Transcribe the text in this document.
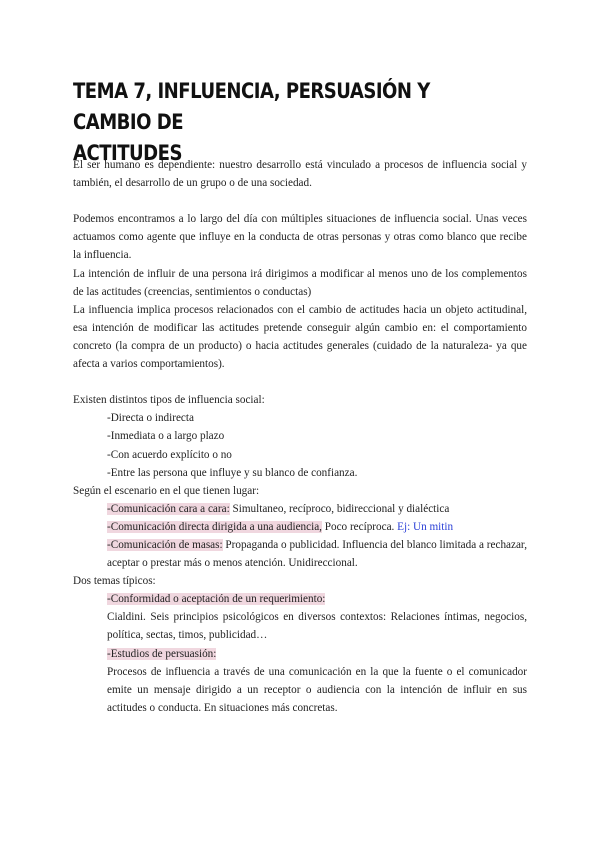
TEMA 7, INFLUENCIA, PERSUASIÓN Y CAMBIO DE
ACTITUDES

El ser humano es dependiente: nuestro desarrollo está vinculado a procesos de influencia social y también, el desarrollo de un grupo o de una sociedad.

Podemos encontramos a lo largo del día con múltiples situaciones de influencia social. Unas veces actuamos como agente que influye en la conducta de otras personas y otras como blanco que recibe la influencia.

La intención de influir de una persona irá dirigimos a modificar al menos uno de los complementos de las actitudes (creencias, sentimientos o conductas)

La influencia implica procesos relacionados con el cambio de actitudes hacia un objeto actitudinal, esa intención de modificar las actitudes pretende conseguir algún cambio en: el comportamiento concreto (la compra de un producto) o hacia actitudes generales (cuidado de la naturaleza- ya que afecta a varios comportamientos).

Existen distintos tipos de influencia social:

-Directa o indirecta

-Inmediata o a largo plazo

-Con acuerdo explícito o no

-Entre las persona que influye y su blanco de confianza.

Según el escenario en el que tienen lugar:

-Comunicación cara a cara: Simultaneo, recíproco, bidireccional y dialéctica

-Comunicación directa dirigida a una audiencia, Poco recíproca. Ej: Un mitin

-Comunicación de masas: Propaganda o publicidad. Influencia del blanco limitada a rechazar, aceptar o prestar más o menos atención. Unidireccional.

Dos temas típicos:

-Conformidad o aceptación de un requerimiento:

Cialdini. Seis principios psicológicos en diversos contextos: Relaciones íntimas, negocios, política, sectas, timos, publicidad…

-Estudios de persuasión:

Procesos de influencia a través de una comunicación en la que la fuente o el comunicador emite un mensaje dirigido a un receptor o audiencia con la intención de influir en sus actitudes o conducta. En situaciones más concretas.
